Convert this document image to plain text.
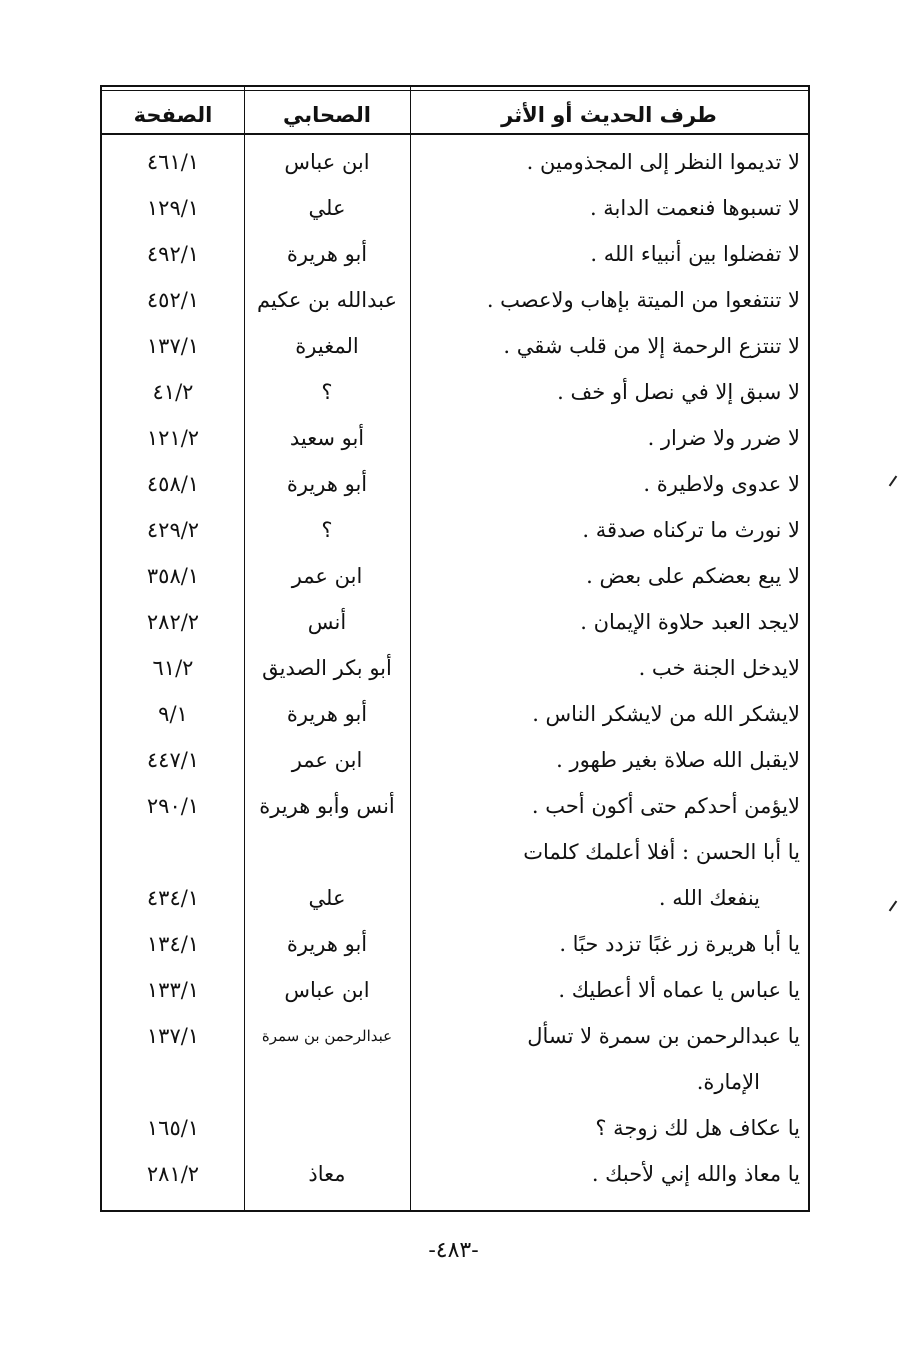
طرف الحديث أو الأثر
الصحابي
الصفحة
لا تديموا النظر إلى المجذومين .
ابن عباس
٤٦١/١
لا تسبوها فنعمت الدابة .
علي
١٢٩/١
لا تفضلوا بين أنبياء الله .
أبو هريرة
٤٩٢/١
لا تنتفعوا من الميتة بإهاب ولاعصب .
عبدالله بن عكيم
٤٥٢/١
لا تنتزع الرحمة إلا من قلب شقي .
المغيرة
١٣٧/١
لا سبق إلا في نصل أو خف .
؟
٤١/٢
لا ضرر ولا ضرار .
أبو سعيد
١٢١/٢
لا عدوى ولاطيرة .
أبو هريرة
٤٥٨/١
لا نورث ما تركناه صدقة .
؟
٤٢٩/٢
لا يبع بعضكم على بعض .
ابن عمر
٣٥٨/١
لايجد العبد حلاوة الإيمان .
أنس
٢٨٢/٢
لايدخل الجنة خب .
أبو بكر الصديق
٦١/٢
لايشكر الله من لايشكر الناس .
أبو هريرة
٩/١
لايقبل الله صلاة بغير طهور .
ابن عمر
٤٤٧/١
لايؤمن أحدكم حتى أكون أحب .
أنس وأبو هريرة
٢٩٠/١
يا أبا الحسن : أفلا أعلمك كلمات
ينفعك الله .
علي
٤٣٤/١
يا أبا هريرة زر غبًا تزدد حبًا .
أبو هريرة
١٣٤/١
يا عباس يا عماه ألا أعطيك .
ابن عباس
١٣٣/١
يا عبدالرحمن بن سمرة لا تسأل
عبدالرحمن بن سمرة
١٣٧/١
الإمارة.
يا عكاف هل لك زوجة ؟
١٦٥/١
يا معاذ والله إني لأحبك .
معاذ
٢٨١/٢
-٤٨٣-
